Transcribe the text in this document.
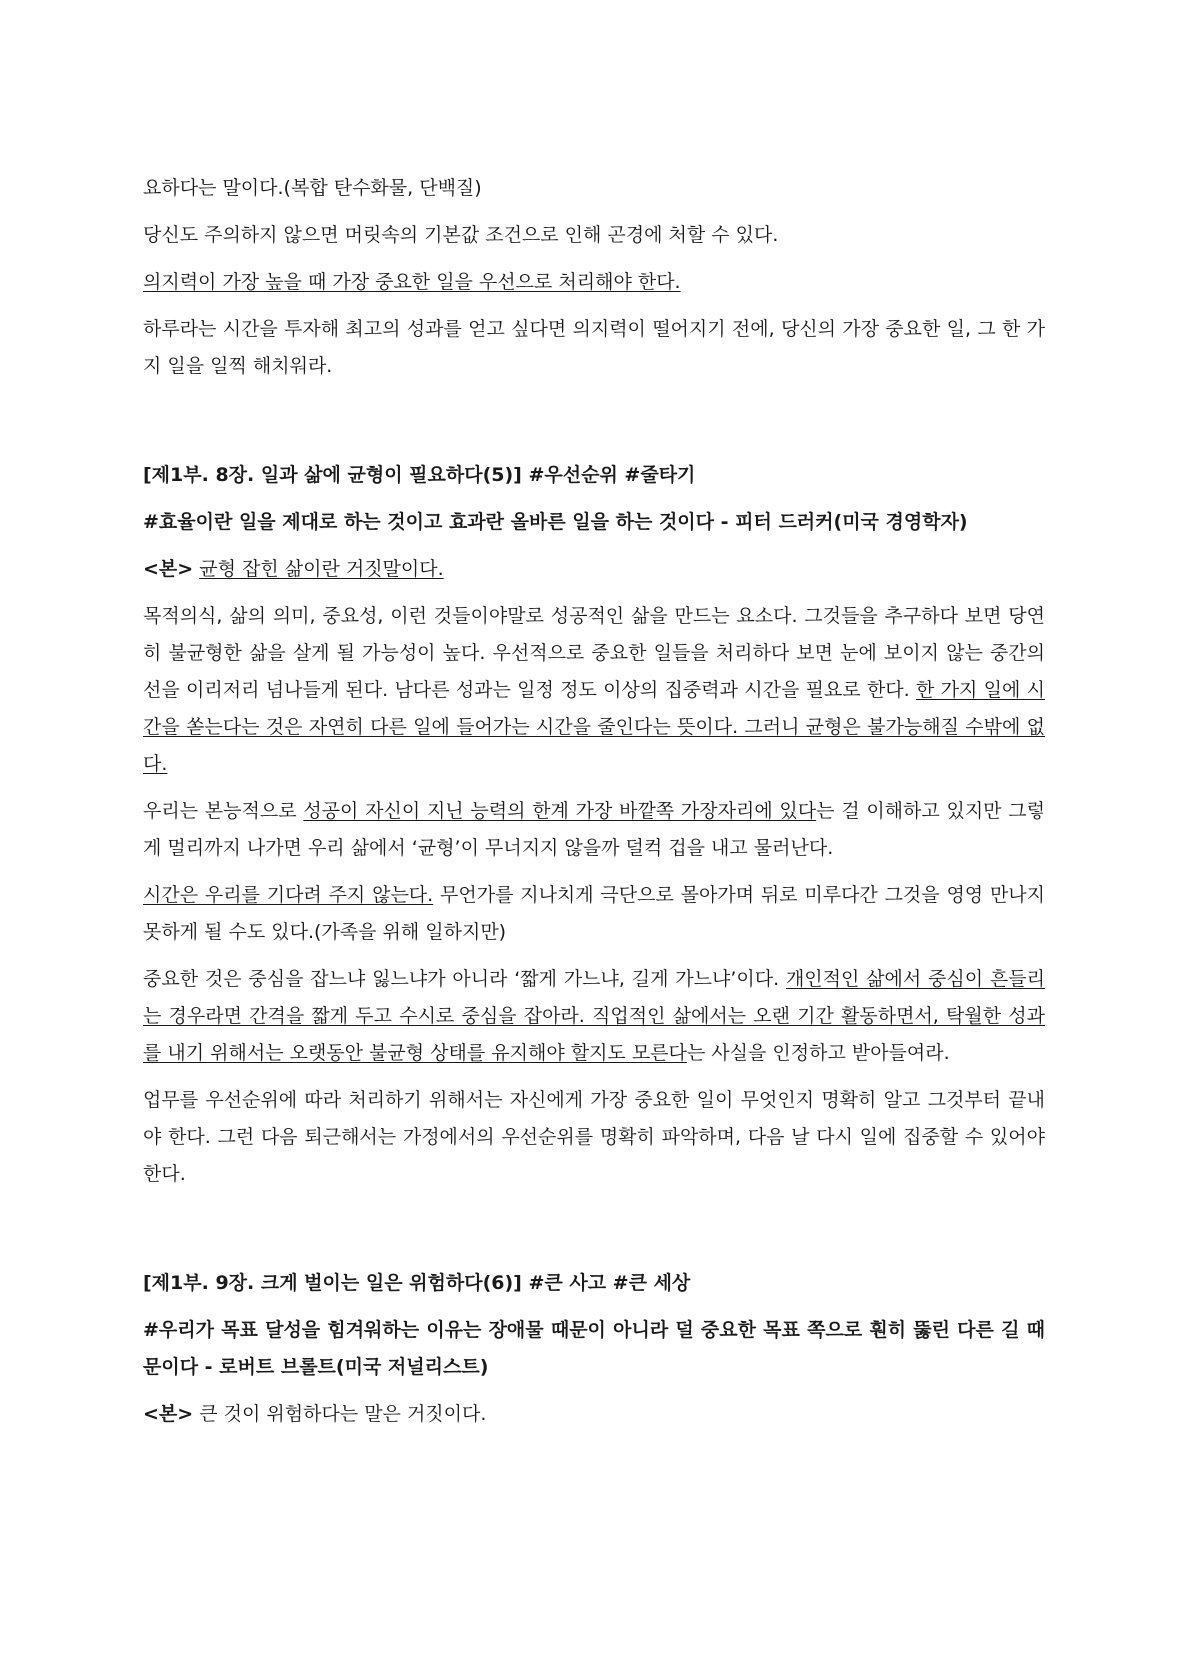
요하다는 말이다.(복합 탄수화물, 단백질)

당신도 주의하지 않으면 머릿속의 기본값 조건으로 인해 곤경에 처할 수 있다.

의지력이 가장 높을 때 가장 중요한 일을 우선으로 처리해야 한다.

하루라는 시간을 투자해 최고의 성과를 얻고 싶다면 의지력이 떨어지기 전에, 당신의 가장 중요한 일, 그 한 가지 일을 일찍 해치워라.

[제1부. 8장. 일과 삶에 균형이 필요하다(5)] #우선순위 #줄타기

#효율이란 일을 제대로 하는 것이고 효과란 올바른 일을 하는 것이다 - 피터 드러커(미국 경영학자)

<본> 균형 잡힌 삶이란 거짓말이다.

목적의식, 삶의 의미, 중요성, 이런 것들이야말로 성공적인 삶을 만드는 요소다. 그것들을 추구하다 보면 당연히 불균형한 삶을 살게 될 가능성이 높다. 우선적으로 중요한 일들을 처리하다 보면 눈에 보이지 않는 중간의 선을 이리저리 넘나들게 된다. 남다른 성과는 일정 정도 이상의 집중력과 시간을 필요로 한다. 한 가지 일에 시간을 쏟는다는 것은 자연히 다른 일에 들어가는 시간을 줄인다는 뜻이다. 그러니 균형은 불가능해질 수밖에 없다.

우리는 본능적으로 성공이 자신이 지닌 능력의 한계 가장 바깥쪽 가장자리에 있다는 걸 이해하고 있지만 그렇게 멀리까지 나가면 우리 삶에서 ‘균형’이 무너지지 않을까 덜컥 겁을 내고 물러난다.

시간은 우리를 기다려 주지 않는다. 무언가를 지나치게 극단으로 몰아가며 뒤로 미루다간 그것을 영영 만나지 못하게 될 수도 있다.(가족을 위해 일하지만)

중요한 것은 중심을 잡느냐 잃느냐가 아니라 ‘짧게 가느냐, 길게 가느냐’이다. 개인적인 삶에서 중심이 흔들리는 경우라면 간격을 짧게 두고 수시로 중심을 잡아라. 직업적인 삶에서는 오랜 기간 활동하면서, 탁월한 성과를 내기 위해서는 오랫동안 불균형 상태를 유지해야 할지도 모른다는 사실을 인정하고 받아들여라.

업무를 우선순위에 따라 처리하기 위해서는 자신에게 가장 중요한 일이 무엇인지 명확히 알고 그것부터 끝내야 한다. 그런 다음 퇴근해서는 가정에서의 우선순위를 명확히 파악하며, 다음 날 다시 일에 집중할 수 있어야 한다.

[제1부. 9장. 크게 벌이는 일은 위험하다(6)] #큰 사고 #큰 세상

#우리가 목표 달성을 힘겨워하는 이유는 장애물 때문이 아니라 덜 중요한 목표 쪽으로 훤히 뚫린 다른 길 때문이다 - 로버트 브롤트(미국 저널리스트)

<본> 큰 것이 위험하다는 말은 거짓이다.
